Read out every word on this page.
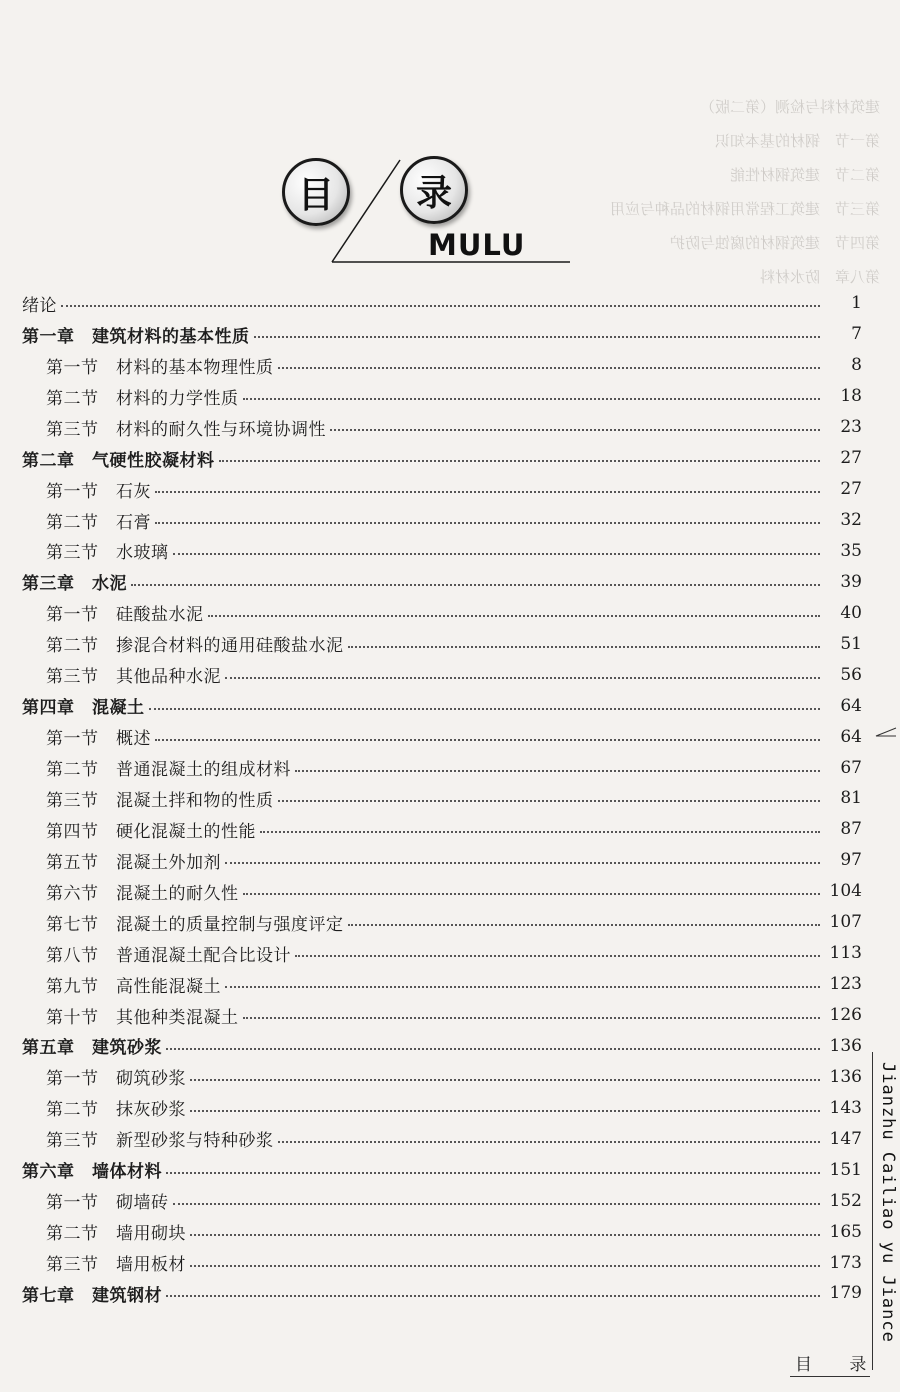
建筑材料与检测（第二版）
第一节　钢材的基本知识
第二节　建筑钢材性能
第三节　建筑工程常用钢材的品种与应用
第四节　建筑钢材的腐蚀与防护
第八章　防水材料
目	录
MULU
绪论	1
第一章　建筑材料的基本性质	7
第一节　材料的基本物理性质	8
第二节　材料的力学性质	18
第三节　材料的耐久性与环境协调性	23
第二章　气硬性胶凝材料	27
第一节　石灰	27
第二节　石膏	32
第三节　水玻璃	35
第三章　水泥	39
第一节　硅酸盐水泥	40
第二节　掺混合材料的通用硅酸盐水泥	51
第三节　其他品种水泥	56
第四章　混凝土	64
第一节　概述	64
第二节　普通混凝土的组成材料	67
第三节　混凝土拌和物的性质	81
第四节　硬化混凝土的性能	87
第五节　混凝土外加剂	97
第六节　混凝土的耐久性	104
第七节　混凝土的质量控制与强度评定	107
第八节　普通混凝土配合比设计	113
第九节　高性能混凝土	123
第十节　其他种类混凝土	126
第五章　建筑砂浆	136
第一节　砌筑砂浆	136
第二节　抹灰砂浆	143
第三节　新型砂浆与特种砂浆	147
第六章　墙体材料	151
第一节　砌墙砖	152
第二节　墙用砌块	165
第三节　墙用板材	173
第七章　建筑钢材	179 Jianzhu Cailiao yu Jiance
目 录
